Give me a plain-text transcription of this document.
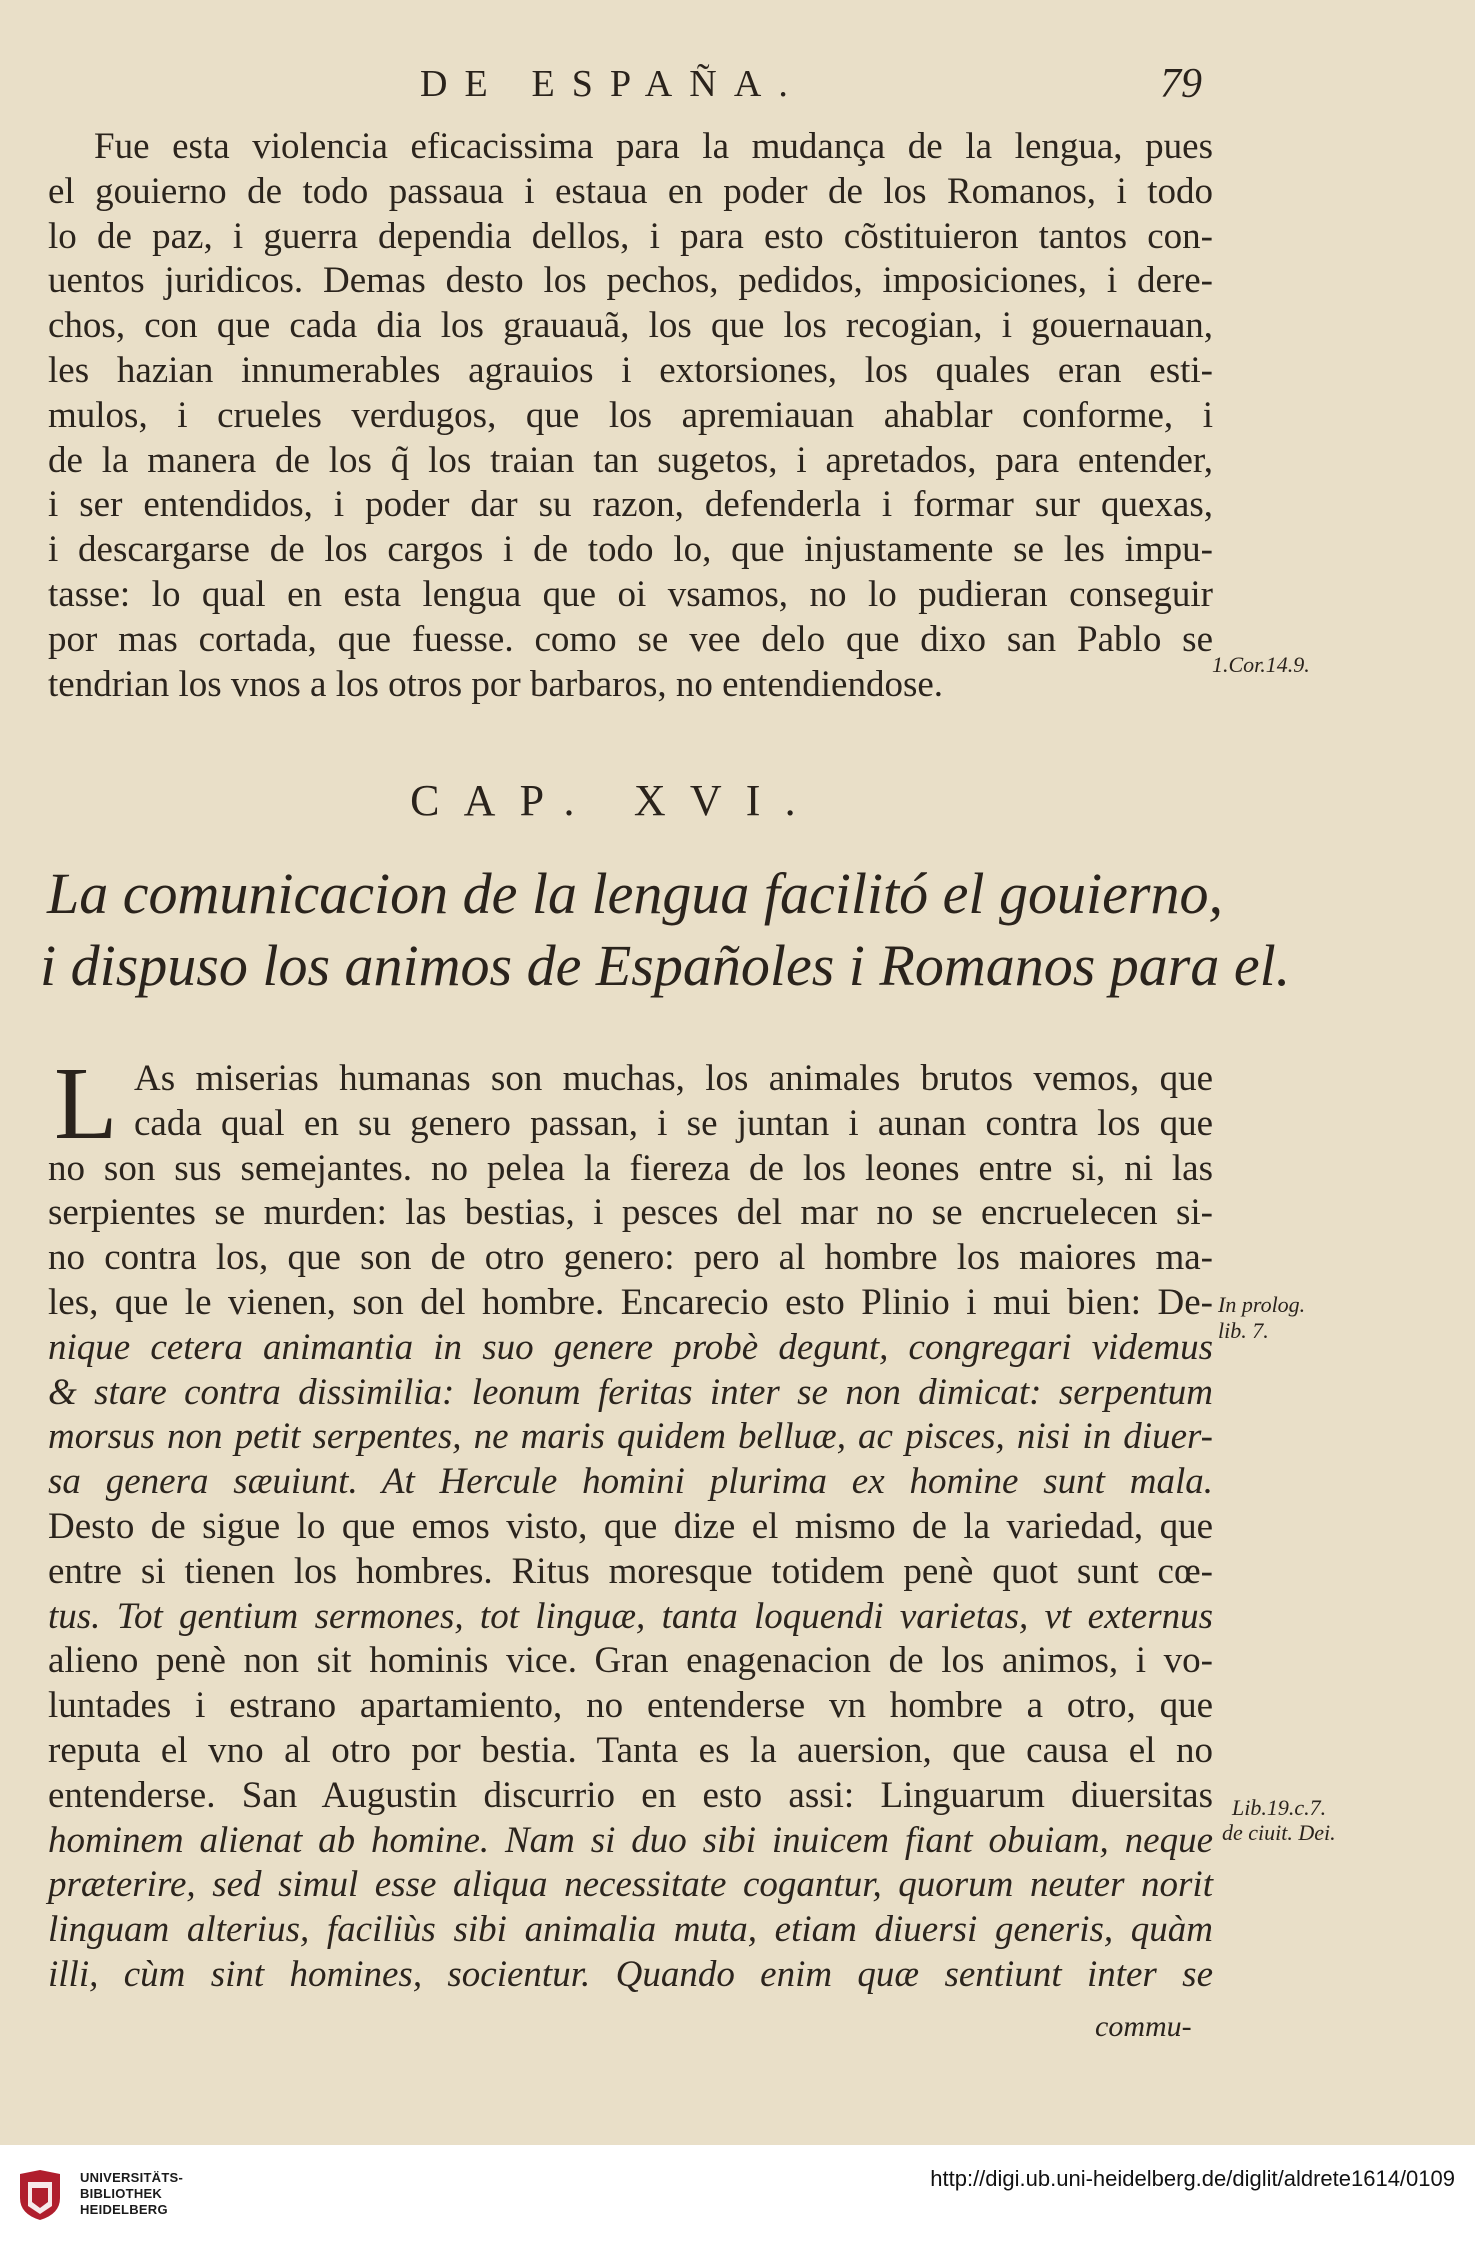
DE ESPAÑA.	79
Fue esta violencia eficacissima para la mudança de la lengua, pues
el gouierno de todo passaua i estaua en poder de los Romanos, i todo
lo de paz, i guerra dependia dellos, i para esto cõstituieron tantos con-
uentos juridicos. Demas desto los pechos, pedidos, imposiciones, i dere-
chos, con que cada dia los grauauã, los que los recogian, i gouernauan,
les hazian innumerables agrauios i extorsiones, los quales eran esti-
mulos, i crueles verdugos, que los apremiauan ahablar conforme, i
de la manera de los q̃ los traian tan sugetos, i apretados, para entender,
i ser entendidos, i poder dar su razon, defenderla i formar sur quexas,
i descargarse de los cargos i de todo lo, que injustamente se les impu-
tasse: lo qual en esta lengua que oi vsamos, no lo pudieran conseguir
por mas cortada, que fuesse. como se vee delo que dixo san Pablo se
tendrian los vnos a los otros por barbaros, no entendiendose.	1.Cor.14.9.
CAP. XVI.
La comunicacion de la lengua facilitó el gouierno,
i dispuso los animos de Españoles i Romanos para el.
L As miserias humanas son muchas, los animales brutos vemos, que
cada qual en su genero passan, i se juntan i aunan contra los que
no son sus semejantes. no pelea la fiereza de los leones entre si, ni las
serpientes se murden: las bestias, i pesces del mar no se encruelecen si-
no contra los, que son de otro genero: pero al hombre los maiores ma-
les, que le vienen, son del hombre. Encarecio esto Plinio i mui bien: De-
nique cetera animantia in suo genere probè degunt, congregari videmus
& stare contra dissimilia: leonum feritas inter se non dimicat: serpentum
morsus non petit serpentes, ne maris quidem belluæ, ac pisces, nisi in diuer-
sa genera sæuiunt. At Hercule homini plurima ex homine sunt mala.
Desto de sigue lo que emos visto, que dize el mismo de la variedad, que
entre si tienen los hombres. Ritus moresque totidem penè quot sunt cœ-
tus. Tot gentium sermones, tot linguæ, tanta loquendi varietas, vt externus
alieno penè non sit hominis vice. Gran enagenacion de los animos, i vo-
luntades i estrano apartamiento, no entenderse vn hombre a otro, que
reputa el vno al otro por bestia. Tanta es la auersion, que causa el no
entenderse. San Augustin discurrio en esto assi: Linguarum diuersitas
hominem alienat ab homine. Nam si duo sibi inuicem fiant obuiam, neque
præterire, sed simul esse aliqua necessitate cogantur, quorum neuter norit
linguam alterius, faciliùs sibi animalia muta, etiam diuersi generis, quàm
illi, cùm sint homines, socientur. Quando enim quæ sentiunt inter se
In prolog.
lib. 7.
Lib.19.c.7.
de ciuit. Dei.
commu-
UNIVERSITÄTS-
BIBLIOTHEK
HEIDELBERG
http://digi.ub.uni-heidelberg.de/diglit/aldrete1614/0109
